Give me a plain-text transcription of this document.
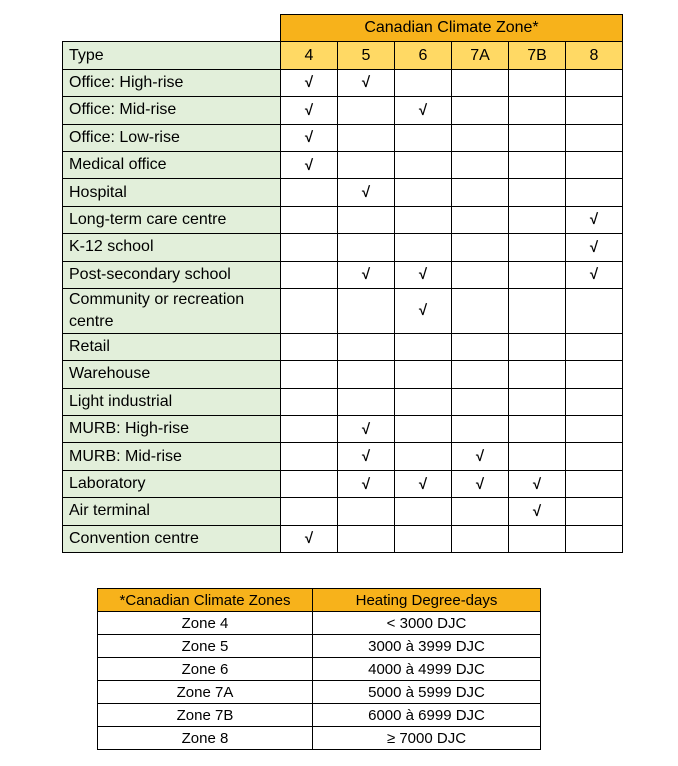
	Canadian Climate Zone*					
Type	4	5	6	7A	7B	8
Office: High-rise	√	√				
Office: Mid-rise	√		√			
Office: Low-rise	√					
Medical office	√					
Hospital		√				
Long-term care centre						√
K-12 school						√
Post-secondary school		√	√			√
Community or recreation centre			√			
Retail						
Warehouse						
Light industrial						
MURB: High-rise		√				
MURB: Mid-rise		√		√		
Laboratory		√	√	√	√	
Air terminal					√	
Convention centre	√					
*Canadian Climate Zones	Heating Degree-days
Zone 4	< 3000 DJC
Zone 5	3000 à 3999 DJC
Zone 6	4000 à 4999 DJC
Zone 7A	5000 à 5999 DJC
Zone 7B	6000 à 6999 DJC
Zone 8	≥ 7000 DJC
